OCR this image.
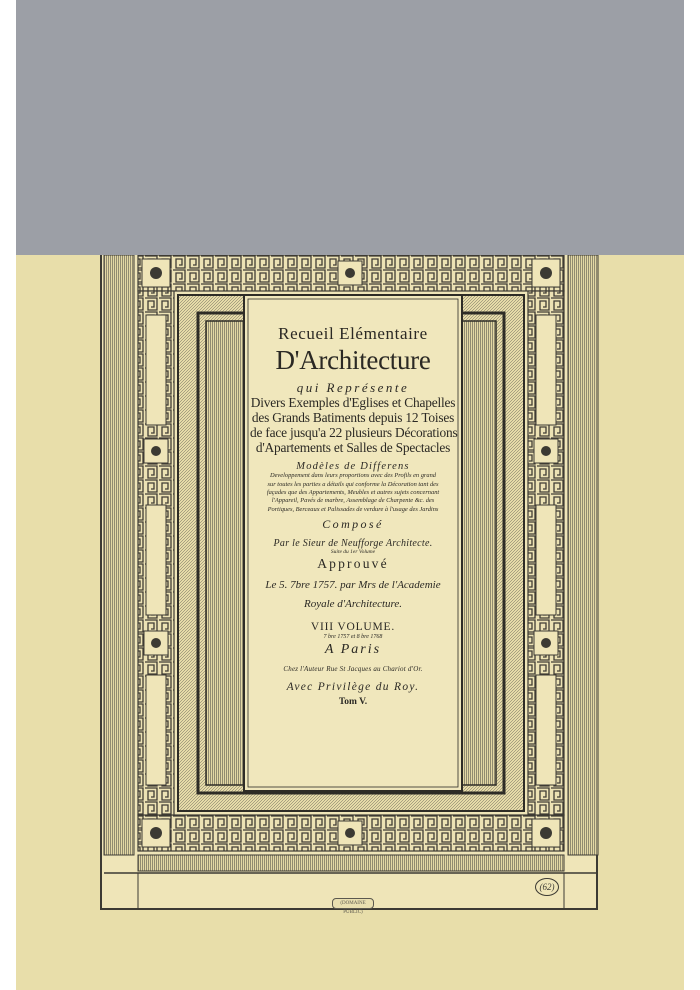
Recueil Elémentaire
D'Architecture
qui Représente
Divers Exemples d'Eglises et Chapelles
des Grands Batiments depuis 12 Toises
de face jusqu'a 22 plusieurs Décorations
d'Apartements et Salles de Spectacles
Modèles de Differens
Developpement dans leurs proportions avec des Profils en grand
sur toutes les parties a détails qui conforme la Décoration tant des
façades que des Appartements, Meubles et autres sujets concernant
l'Appareil, Pavés de marbre, Assemblage de Charpente &c. des
Portiques, Berceaux et Palissades de verdure à l'usage des Jardins
Composé
Par le Sieur de Neufforge Architecte.
Suite du 1er Volume
Approuvé
Le 5. 7bre 1757. par Mrs de l'Academie
Royale d'Architecture.
VIII VOLUME.
7 bre 1757 et 8 bre 1768
A Paris
Chez l'Auteur Rue St Jacques au Chariot d'Or.
Avec Privilège du Roy.
Tom V.
(62)
(DOMAINE PUBLIC)
